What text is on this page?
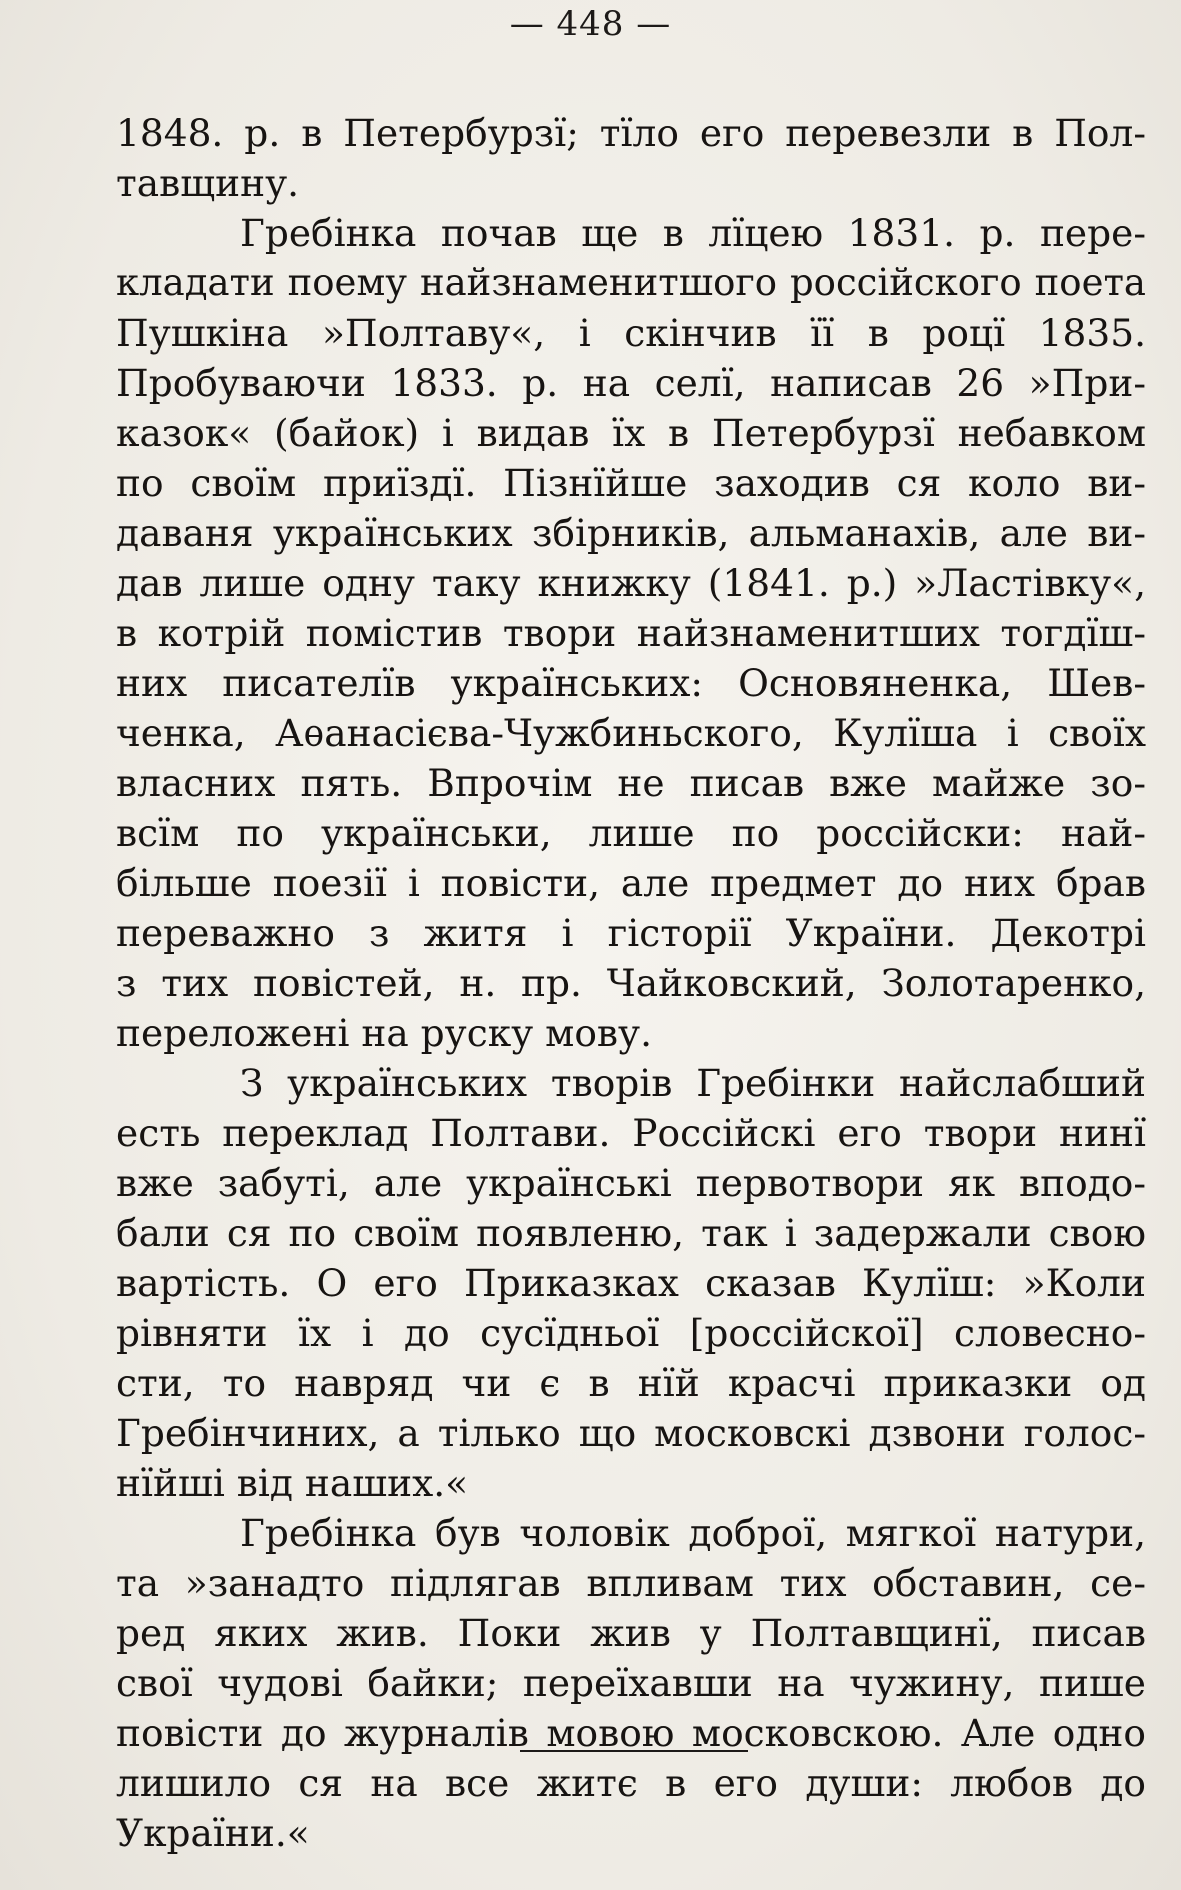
— 448 —
1848. р. в Петербурзї; тїло его перевезли в Пол-
тавщину.
Гребінка почав ще в лїцею 1831. р. пере-
кладати поему найзнаменитшого россійского поета
Пушкіна »Полтаву«, і скінчив її в роцї 1835.
Пробуваючи 1833. р. на селї, написав 26 »При-
казок« (байок) і видав їх в Петербурзї небавком
по своїм приїздї. Пізнїйше заходив ся коло ви-
даваня українських збірників, альманахів, але ви-
дав лише одну таку книжку (1841. р.) »Ластівку«,
в котрій помістив твори найзнаменитших тогдїш-
них писателїв українських: Основяненка, Шев-
ченка, Аѳанасієва-Чужбиньского, Кулїша і своїх
власних пять. Впрочім не писав вже майже зо-
всїм по українськи, лише по россійски: най-
більше поезії і повісти, але предмет до них брав
переважно з житя і гісторії України. Декотрі
з тих повістей, н. пр. Чайковский, Золотаренко,
переложені на руску мову.
З українських творів Гребінки найслабший
есть переклад Полтави. Россійскі его твори нинї
вже забуті, але українські первотвори як вподо-
бали ся по своїм появленю, так і задержали свою
вартість. О его Приказках сказав Кулїш: »Коли
рівняти їх і до сусїдньої [россійскої] словесно-
сти, то навряд чи є в нїй красчі приказки од
Гребінчиних, а тілько що московскі дзвони голос-
нїйші від наших.«
Гребінка був чоловік доброї, мягкої натури,
та »занадто підлягав впливам тих обставин, се-
ред яких жив. Поки жив у Полтавщинї, писав
свої чудові байки; переїхавши на чужину, пише
повісти до журналів мовою московскою. Але одно
лишило ся на все житє в его души: любов до
України.«
